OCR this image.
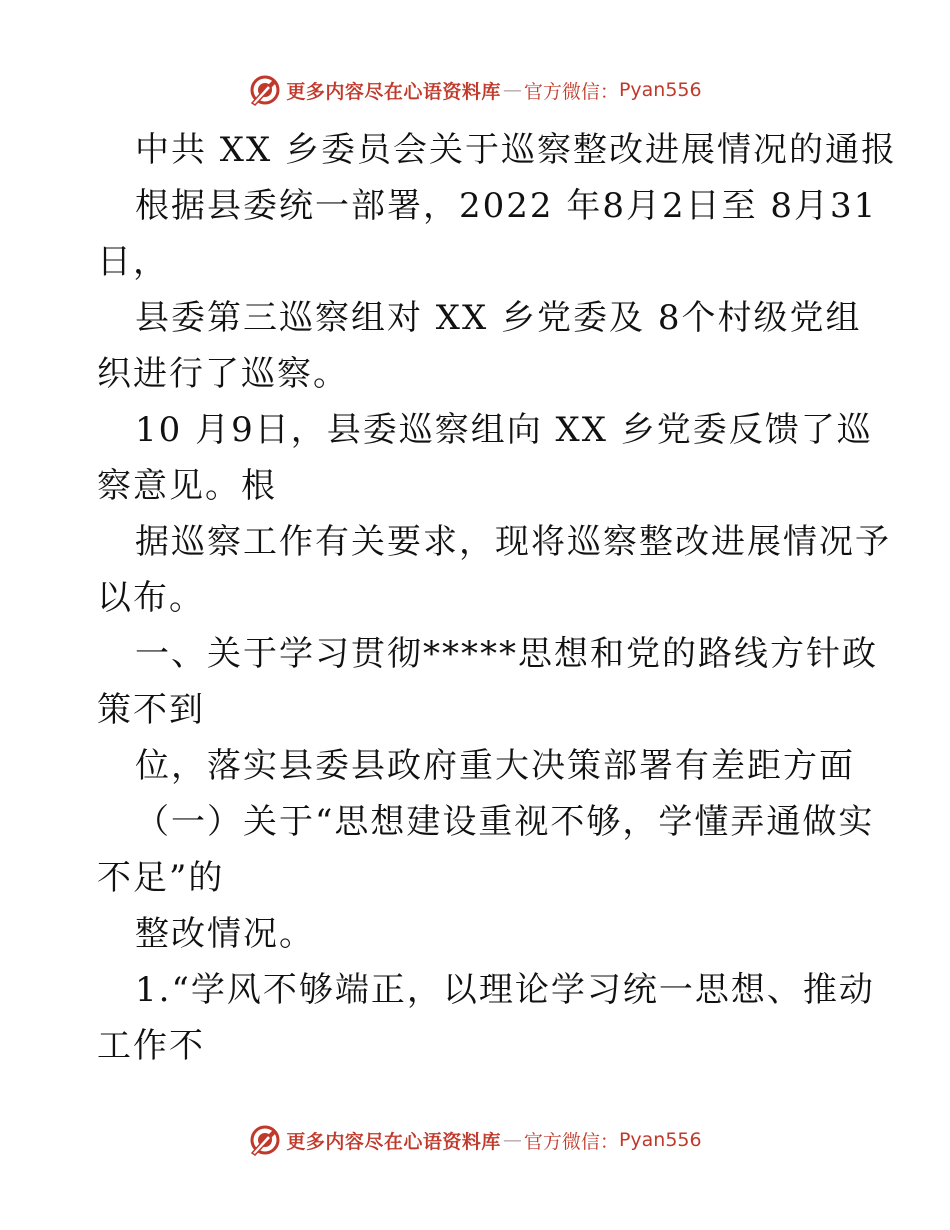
更多内容尽在心语资料库 — 官方微信： Pyan556
中共 XX 乡委员会关于巡察整改进展情况的通报
根据县委统一部署，2022 年8月2日至 8月31
日，
县委第三巡察组对 XX 乡党委及 8个村级党组
织进行了巡察。
10 月9日，县委巡察组向 XX 乡党委反馈了巡
察意见。根
据巡察工作有关要求，现将巡察整改进展情况予
以布。
一、关于学习贯彻*****思想和党的路线方针政
策不到
位，落实县委县政府重大决策部署有差距方面
（一）关于“思想建设重视不够，学懂弄通做实
不足”的
整改情况。
1.“学风不够端正，以理论学习统一思想、推动
工作不
更多内容尽在心语资料库 — 官方微信： Pyan556
